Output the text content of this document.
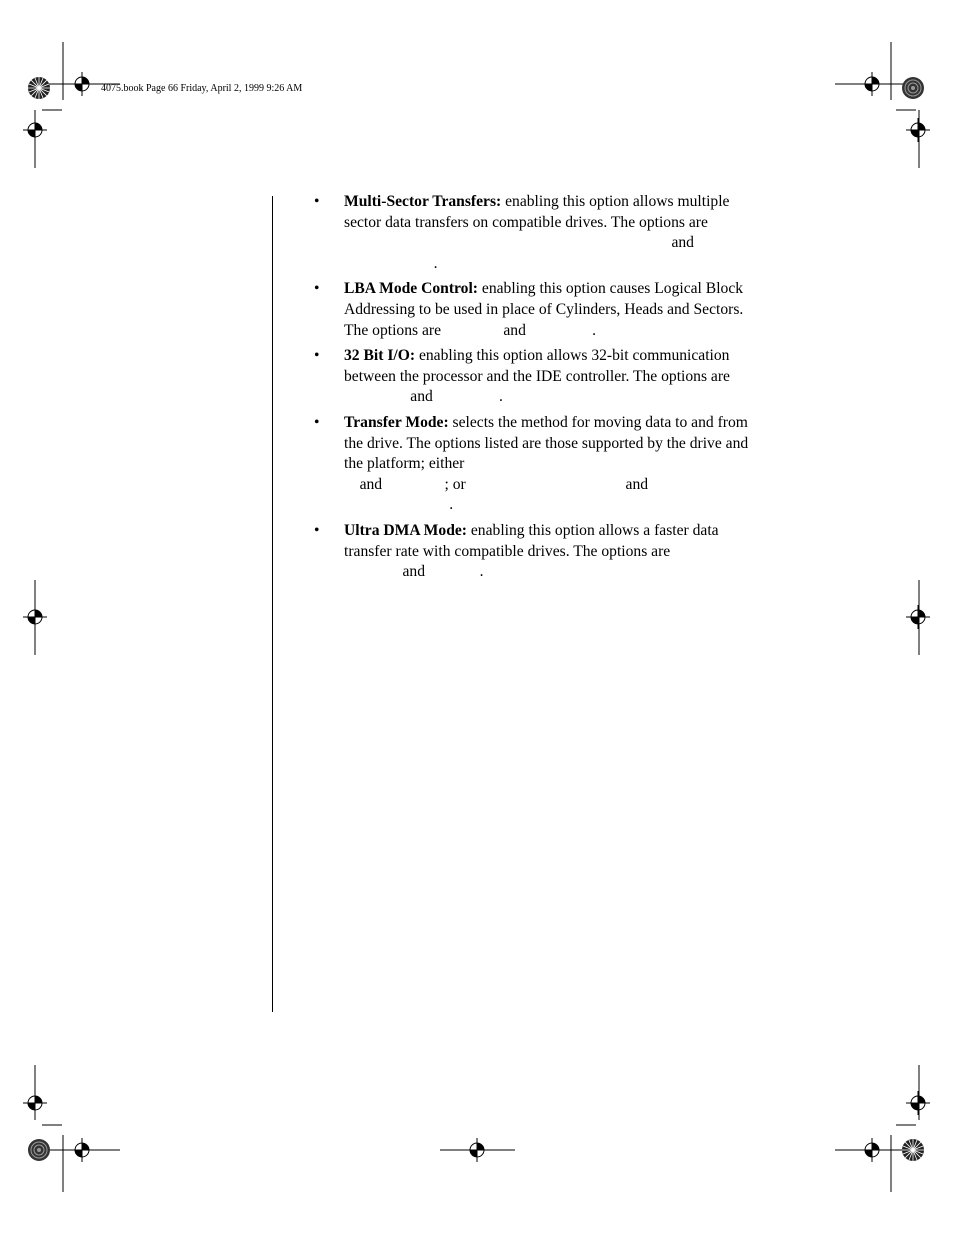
4075.book Page 66 Friday, April 2, 1999 9:26 AM
•	Multi-Sector Transfers: enabling this option allows multiple
sector data transfers on compatible drives. The options are
and
.
•	LBA Mode Control: enabling this option causes Logical Block
Addressing to be used in place of Cylinders, Heads and Sectors.
The options are                and                 .
•	32 Bit I/O: enabling this option allows 32-bit communication
between the processor and the IDE controller. The options are
and                 .
•	Transfer Mode: selects the method for moving data to and from
the drive. The options listed are those supported by the drive and
the platform; either
and                ; or                                         and
.
•	Ultra DMA Mode: enabling this option allows a faster data
transfer rate with compatible drives. The options are
and              .
